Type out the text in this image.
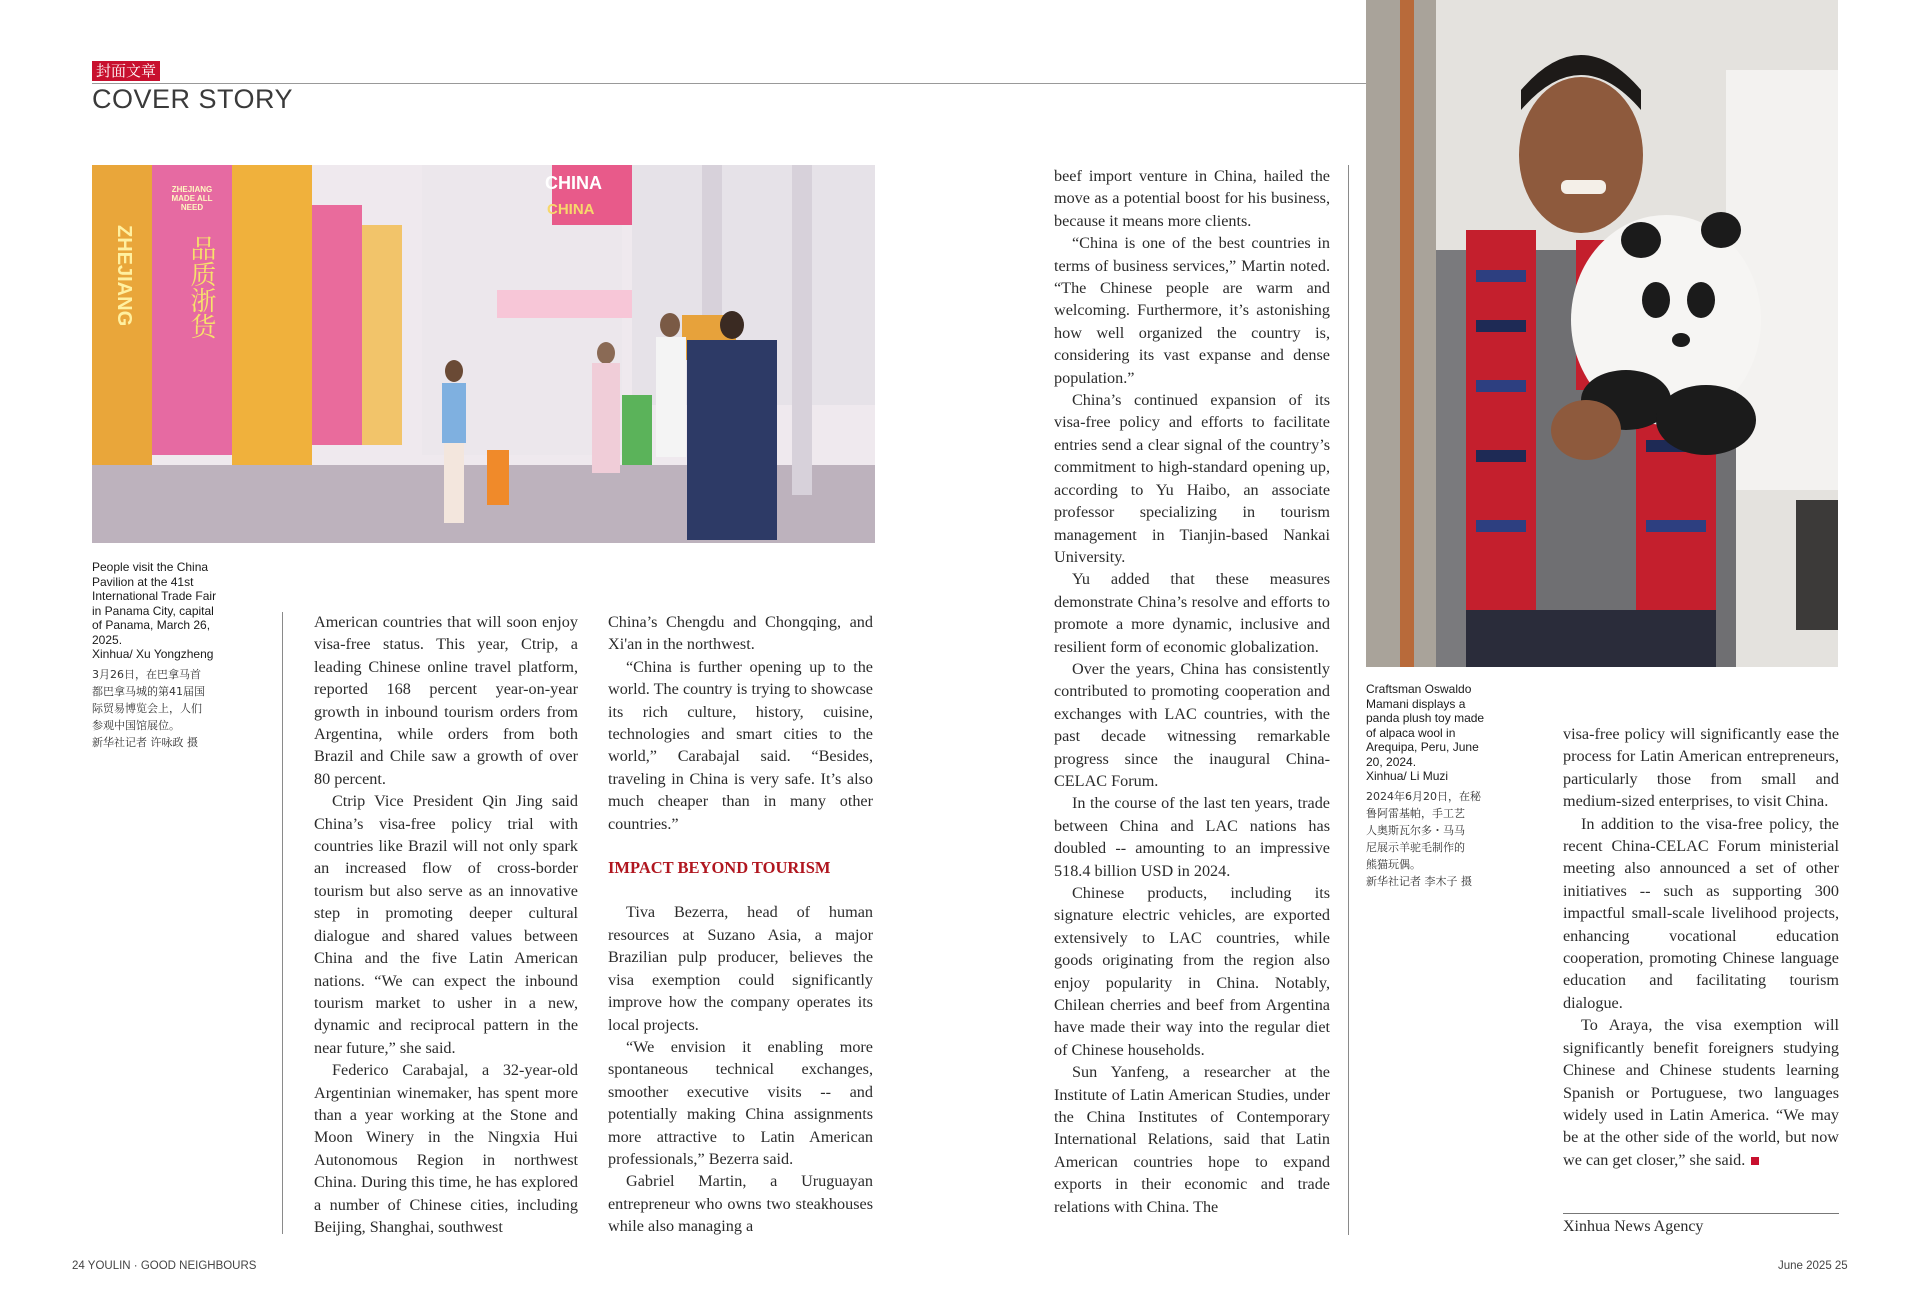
封面文章
COVER STORY
CHINA
CHINA
ZHEJIANG MADE ALL NEED
品质浙货
ZHEJIANG
People visit the China
Pavilion at the 41st
International Trade Fair
in Panama City, capital
of Panama, March 26,
2025.
Xinhua/ Xu Yongzheng
3月26日，在巴拿马首
都巴拿马城的第41届国
际贸易博览会上，人们
参观中国馆展位。
新华社记者 许咏政 摄

American countries that will soon enjoy visa-free status. This year, Ctrip, a leading Chinese online travel platform, reported 168 percent year-on-year growth in inbound tourism orders from Argentina, while orders from both Brazil and Chile saw a growth of over 80 percent.

Ctrip Vice President Qin Jing said China’s visa-free policy trial with countries like Brazil will not only spark an increased flow of cross-border tourism but also serve as an innovative step in promoting deeper cultural dialogue and shared values between China and the five Latin American nations. “We can expect the inbound tourism market to usher in a new, dynamic and reciprocal pattern in the near future,” she said.

Federico Carabajal, a 32-year-old Argentinian winemaker, has spent more than a year working at the Stone and Moon Winery in the Ningxia Hui Autonomous Region in northwest China. During this time, he has explored a number of Chinese cities, including Beijing, Shanghai, southwest

China’s Chengdu and Chongqing, and Xi'an in the northwest.

“China is further opening up to the world. The country is trying to showcase its rich culture, history, cuisine, technologies and smart cities to the world,” Carabajal said. “Besides, traveling in China is very safe. It’s also much cheaper than in many other countries.”

IMPACT BEYOND TOURISM

Tiva Bezerra, head of human resources at Suzano Asia, a major Brazilian pulp producer, believes the visa exemption could significantly improve how the company operates its local projects.

“We envision it enabling more spontaneous technical exchanges, smoother executive visits -- and potentially making China assignments more attractive to Latin American professionals,” Bezerra said.

Gabriel Martin, a Uruguayan entrepreneur who owns two steakhouses while also managing a

beef import venture in China, hailed the move as a potential boost for his business, because it means more clients.

“China is one of the best countries in terms of business services,” Martin noted. “The Chinese people are warm and welcoming. Furthermore, it’s astonishing how well organized the country is, considering its vast expanse and dense population.”

China’s continued expansion of its visa-free policy and efforts to facilitate entries send a clear signal of the country’s commitment to high-standard opening up, according to Yu Haibo, an associate professor specializing in tourism management in Tianjin-based Nankai University.

Yu added that these measures demonstrate China’s resolve and efforts to promote a more dynamic, inclusive and resilient form of economic globalization.

Over the years, China has consistently contributed to promoting cooperation and exchanges with LAC countries, with the past decade witnessing remarkable progress since the inaugural China-CELAC Forum.

In the course of the last ten years, trade between China and LAC nations has doubled -- amounting to an impressive 518.4 billion USD in 2024.

Chinese products, including its signature electric vehicles, are exported extensively to LAC countries, while goods originating from the region also enjoy popularity in China. Notably, Chilean cherries and beef from Argentina have made their way into the regular diet of Chinese households.

Sun Yanfeng, a researcher at the Institute of Latin American Studies, under the China Institutes of Contemporary International Relations, said that Latin American countries hope to expand exports in their economic and trade relations with China. The

Craftsman Oswaldo
Mamani displays a
panda plush toy made
of alpaca wool in
Arequipa, Peru, June
20, 2024.
Xinhua/ Li Muzi
2024年6月20日，在秘
鲁阿雷基帕，手工艺
人奥斯瓦尔多・马马
尼展示羊驼毛制作的
熊猫玩偶。
新华社记者 李木子 摄

visa-free policy will significantly ease the process for Latin American entrepreneurs, particularly those from small and medium-sized enterprises, to visit China.

In addition to the visa-free policy, the recent China-CELAC Forum ministerial meeting also announced a set of other initiatives -- such as supporting 300 impactful small-scale livelihood projects, enhancing vocational education cooperation, promoting Chinese language education and facilitating tourism dialogue.

To Araya, the visa exemption will significantly benefit foreigners studying Chinese and Chinese students learning Spanish or Portuguese, two languages widely used in Latin America. “We may be at the other side of the world, but now we can get closer,” she said.

Xinhua News Agency
24 YOULIN · GOOD NEIGHBOURS	June 2025 25
